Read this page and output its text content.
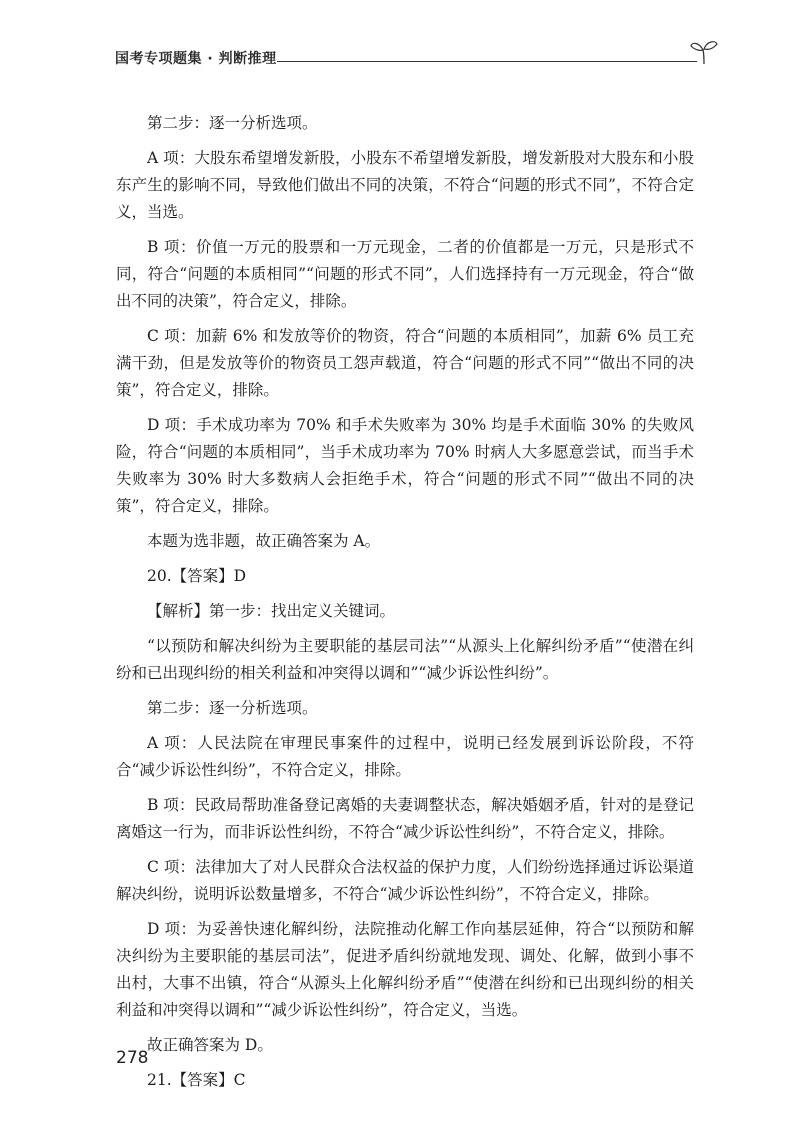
国考专项题集 · 判断推理

第二步：逐一分析选项。

A 项：大股东希望增发新股，小股东不希望增发新股，增发新股对大股东和小股东产生的影响不同，导致他们做出不同的决策，不符合“问题的形式不同”，不符合定义，当选。

B 项：价值一万元的股票和一万元现金，二者的价值都是一万元，只是形式不同，符合“问题的本质相同”“问题的形式不同”，人们选择持有一万元现金，符合“做出不同的决策”，符合定义，排除。

C 项：加薪 6% 和发放等价的物资，符合“问题的本质相同”，加薪 6% 员工充满干劲，但是发放等价的物资员工怨声载道，符合“问题的形式不同”“做出不同的决策”，符合定义，排除。

D 项：手术成功率为 70% 和手术失败率为 30% 均是手术面临 30% 的失败风险，符合“问题的本质相同”，当手术成功率为 70% 时病人大多愿意尝试，而当手术失败率为 30% 时大多数病人会拒绝手术，符合“问题的形式不同”“做出不同的决策”，符合定义，排除。

本题为选非题，故正确答案为 A。

20.【答案】D

【解析】第一步：找出定义关键词。

“以预防和解决纠纷为主要职能的基层司法”“从源头上化解纠纷矛盾”“使潜在纠纷和已出现纠纷的相关利益和冲突得以调和”“减少诉讼性纠纷”。

第二步：逐一分析选项。

A 项：人民法院在审理民事案件的过程中，说明已经发展到诉讼阶段，不符合“减少诉讼性纠纷”，不符合定义，排除。

B 项：民政局帮助准备登记离婚的夫妻调整状态，解决婚姻矛盾，针对的是登记离婚这一行为，而非诉讼性纠纷，不符合“减少诉讼性纠纷”，不符合定义，排除。

C 项：法律加大了对人民群众合法权益的保护力度，人们纷纷选择通过诉讼渠道解决纠纷，说明诉讼数量增多，不符合“减少诉讼性纠纷”，不符合定义，排除。

D 项：为妥善快速化解纠纷，法院推动化解工作向基层延伸，符合“以预防和解决纠纷为主要职能的基层司法”，促进矛盾纠纷就地发现、调处、化解，做到小事不出村，大事不出镇，符合“从源头上化解纠纷矛盾”“使潜在纠纷和已出现纠纷的相关利益和冲突得以调和”“减少诉讼性纠纷”，符合定义，当选。

故正确答案为 D。

21.【答案】C

278
